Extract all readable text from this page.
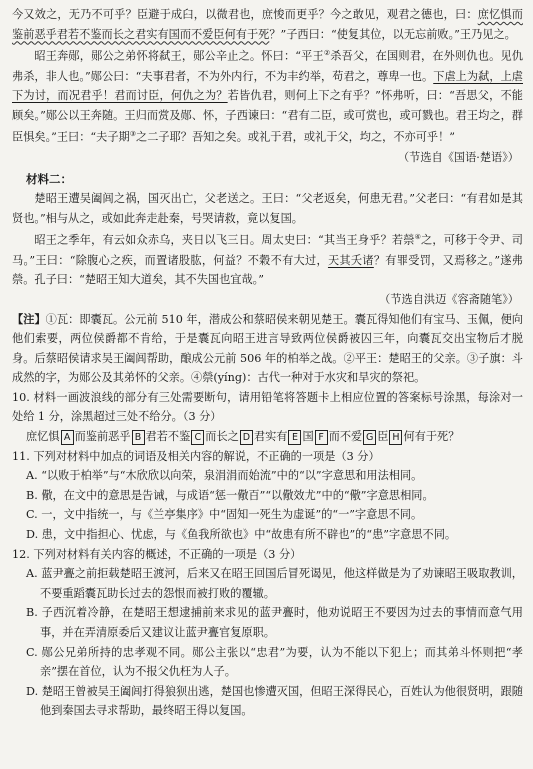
今又效之，无乃不可乎？臣避于成臼，以微君也，庶悛而更乎？今之敢见，观君之德也，曰：庶忆惧而鉴前恶乎君若不鉴而长之君实有国而不爱臣何有于死？”子西曰：“使复其位，以无忘前败。”王乃见之。

昭王奔郧，郧公之弟怀将弑王，郧公辛止之。怀曰：“平王②杀吾父，在国则君，在外则仇也。见仇弗杀，非人也。”郧公曰：“夫事君者，不为外内行，不为丰约举，苟君之，尊卑一也。下虐上为弑，上虐下为讨，而况君乎！君而讨臣，何仇之为？若皆仇君，则何上下之有乎？”怀弗听，曰：“吾思父，不能顾矣。”郧公以王奔随。王归而赏及郧、怀，子西谏曰：“君有二臣，或可赏也，或可戮也。君王均之，群臣惧矣。”王曰：“夫子期③之二子耶？吾知之矣。或礼于君，或礼于父，均之，不亦可乎！”

（节选自《国语·楚语》）

材料二：

楚昭王遭吴阖闾之祸，国灭出亡，父老送之。王曰：“父老返矣，何患无君。”父老曰：“有君如是其贤也。”相与从之，或如此奔走赴秦，号哭请救，竟以复国。

昭王之季年，有云如众赤乌，夹日以飞三日。周太史曰：“其当王身乎？若禜④之，可移于令尹、司马。”王曰：“除腹心之疾，而置诸股肱，何益？不穀不有大过，天其夭诸？有罪受罚，又焉移之。”遂弗禜。孔子曰：“楚昭王知大道矣，其不失国也宜哉。”

（节选自洪迈《容斋随笔》）

【注】①瓦：即囊瓦。公元前 510 年，潜成公和蔡昭侯来朝见楚王。囊瓦得知他们有宝马、玉佩，便向他们索要，两位侯爵都不肯给，于是囊瓦向昭王进言导致两位侯爵被囚三年，向囊瓦交出宝物后才脱身。后蔡昭侯请求吴王阖闾帮助，酿成公元前 506 年的柏举之战。②平王：楚昭王的父亲。③子旗：斗成然的字，为郧公及其弟怀的父亲。④禜(yíng)：古代一种对于水灾和旱灾的祭祀。

10. 材料一画波浪线的部分有三处需要断句，请用铅笔将答题卡上相应位置的答案标号涂黑，每涂对一处给 1 分，涂黑超过三处不给分。（3 分）

庶忆惧 A 而鉴前恶乎 B 君若不鉴 C 而长之 D 君实有 E 国 F 而不爱 G 臣 H 何有于死？

11. 下列对材料中加点的词语及相关内容的解说，不正确的一项是（3 分）

A. “以败于柏举”与“木欣欣以向荣，泉涓涓而始流”中的“以”字意思和用法相同。

B. 儆，在文中的意思是告诫，与成语“惩一儆百”“以儆效尤”中的“儆”字意思相同。

C. 一，文中指统一，与《兰亭集序》中“固知一死生为虚诞”的“一”字意思不同。

D. 患，文中指担心、忧虑，与《鱼我所欲也》中“故患有所不辟也”的“患”字意思不同。

12. 下列对材料有关内容的概述，不正确的一项是（3 分）

A. 蓝尹亹之前拒载楚昭王渡河，后来又在昭王回国后冒死谒见，他这样做是为了劝谏昭王吸取教训，不要重蹈囊瓦助长过去的怨恨而被打败的覆辙。

B. 子西沉着冷静，在楚昭王想逮捕前来求见的蓝尹亹时，他劝说昭王不要因为过去的事情而意气用事，并在弄清原委后又建议让蓝尹亹官复原职。

C. 郧公兄弟所持的忠孝观不同。郧公主张以“忠君”为要，认为不能以下犯上；而其弟斗怀则把“孝亲”摆在首位，认为不报父仇枉为人子。

D. 楚昭王曾被吴王阖闾打得狼狈出逃，楚国也惨遭灭国，但昭王深得民心，百姓认为他很贤明，跟随他到秦国去寻求帮助，最终昭王得以复国。
